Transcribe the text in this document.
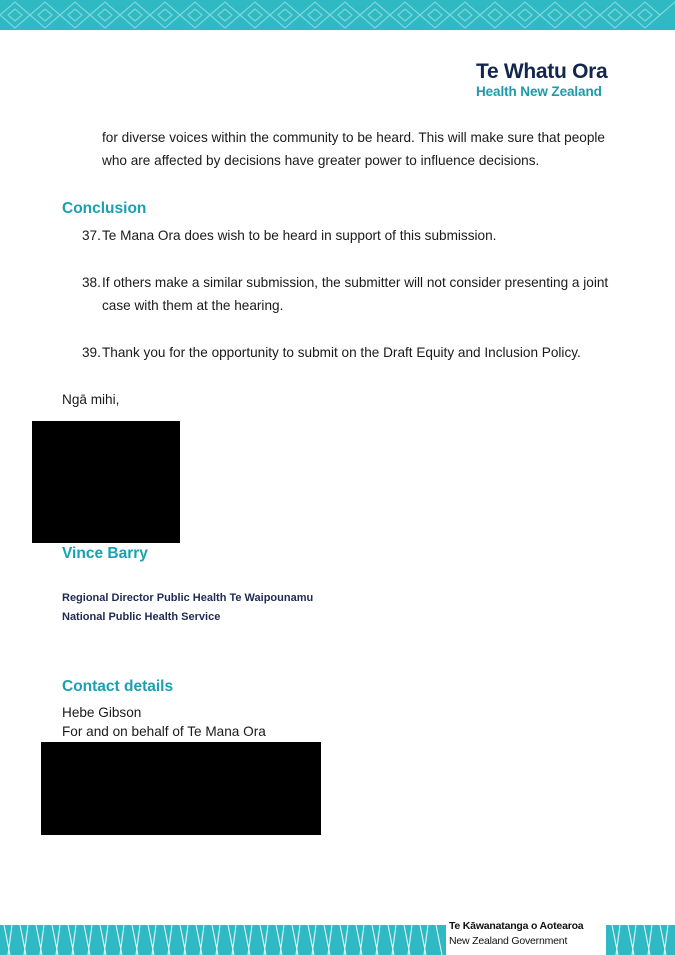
Te Whatu Ora
Health New Zealand

for diverse voices within the community to be heard. This will make sure that people

who are affected by decisions have greater power to influence decisions.

Conclusion
37. Te Mana Ora does wish to be heard in support of this submission.
38. If others make a similar submission, the submitter will not consider presenting a joint
case with them at the hearing.
39. Thank you for the opportunity to submit on the Draft Equity and Inclusion Policy.
Ngā mihi,
Vince Barry
Regional Director Public Health Te Waipounamu
National Public Health Service
Contact details
Hebe Gibson
For and on behalf of Te Mana Ora
Te Kāwanatanga o Aotearoa
New Zealand Government
